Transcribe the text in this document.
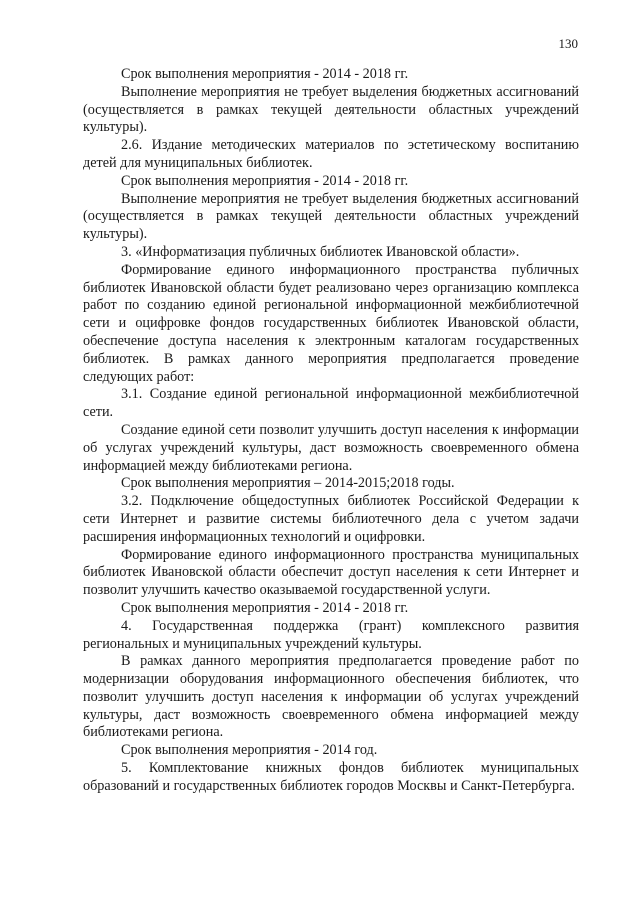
130

Срок выполнения мероприятия - 2014 - 2018 гг.

Выполнение мероприятия не требует выделения бюджетных ассигнований (осуществляется в рамках текущей деятельности областных учреждений культуры).

2.6. Издание методических материалов по эстетическому воспитанию детей для муниципальных библиотек.

Срок выполнения мероприятия - 2014 - 2018 гг.

Выполнение мероприятия не требует выделения бюджетных ассигнований (осуществляется в рамках текущей деятельности областных учреждений культуры).

3. «Информатизация публичных библиотек Ивановской области».

Формирование единого информационного пространства публичных библиотек Ивановской области будет реализовано через организацию комплекса работ по созданию единой региональной информационной межбиблиотечной сети и оцифровке фондов государственных библиотек Ивановской области, обеспечение доступа населения к электронным каталогам государственных библиотек. В рамках данного мероприятия предполагается проведение следующих работ:

3.1. Создание единой региональной информационной межбиблиотечной сети.

Создание единой сети позволит улучшить доступ населения к информации об услугах учреждений культуры, даст возможность своевременного обмена информацией между библиотеками региона.

Срок выполнения мероприятия – 2014-2015;2018 годы.

3.2. Подключение общедоступных библиотек Российской Федерации к сети Интернет и развитие системы библиотечного дела с учетом задачи расширения информационных технологий и оцифровки.

Формирование единого информационного пространства муниципальных библиотек Ивановской области обеспечит доступ населения к сети Интернет и позволит улучшить качество оказываемой государственной услуги.

Срок выполнения мероприятия - 2014 - 2018 гг.

4. Государственная поддержка (грант) комплексного развития региональных и муниципальных учреждений культуры.

В рамках данного мероприятия предполагается проведение работ по модернизации оборудования информационного обеспечения библиотек, что позволит улучшить доступ населения к информации об услугах учреждений культуры, даст возможность своевременного обмена информацией между библиотеками региона.

Срок выполнения мероприятия - 2014 год.

5. Комплектование книжных фондов библиотек муниципальных образований и государственных библиотек городов Москвы и Санкт-Петербурга.
